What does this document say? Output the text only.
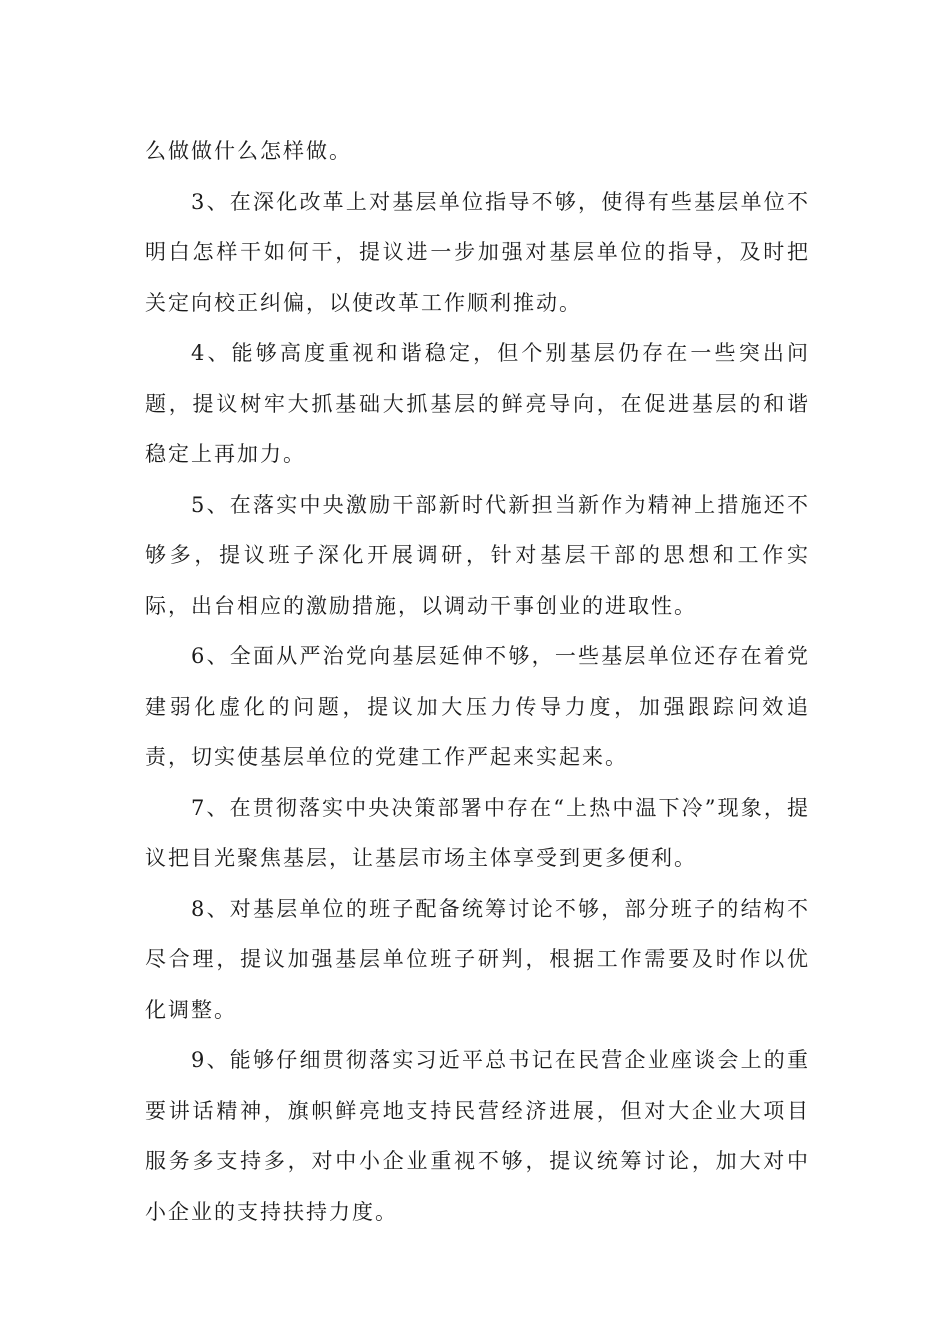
么做做什么怎样做。

3、在深化改革上对基层单位指导不够，使得有些基层单位不明白怎样干如何干，提议进一步加强对基层单位的指导，及时把关定向校正纠偏，以使改革工作顺利推动。

4、能够高度重视和谐稳定，但个别基层仍存在一些突出问题，提议树牢大抓基础大抓基层的鲜亮导向，在促进基层的和谐稳定上再加力。

5、在落实中央激励干部新时代新担当新作为精神上措施还不够多，提议班子深化开展调研，针对基层干部的思想和工作实际，出台相应的激励措施，以调动干事创业的进取性。

6、全面从严治党向基层延伸不够，一些基层单位还存在着党建弱化虚化的问题，提议加大压力传导力度，加强跟踪问效追责，切实使基层单位的党建工作严起来实起来。

7、在贯彻落实中央决策部署中存在“上热中温下冷”现象，提议把目光聚焦基层，让基层市场主体享受到更多便利。

8、对基层单位的班子配备统筹讨论不够，部分班子的结构不尽合理，提议加强基层单位班子研判，根据工作需要及时作以优化调整。

9、能够仔细贯彻落实习近平总书记在民营企业座谈会上的重要讲话精神，旗帜鲜亮地支持民营经济进展，但对大企业大项目服务多支持多，对中小企业重视不够，提议统筹讨论，加大对中小企业的支持扶持力度。
